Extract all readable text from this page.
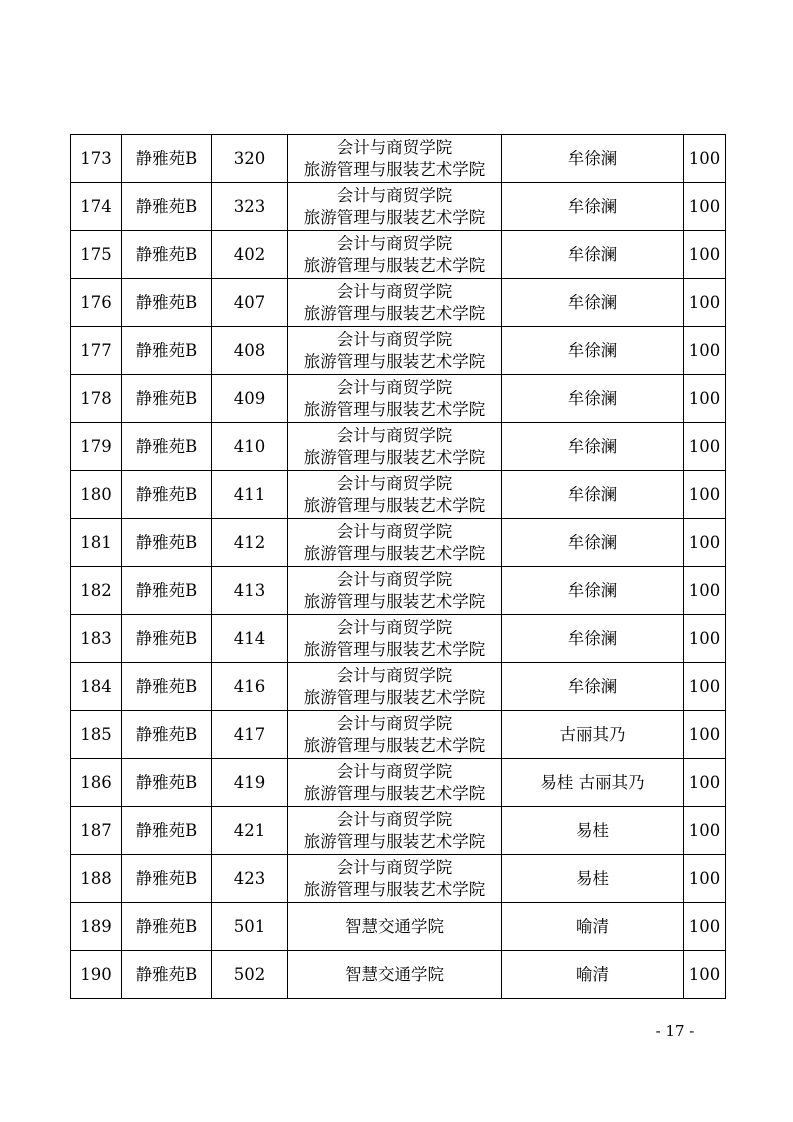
173	静雅苑B	320	会计与商贸学院
旅游管理与服装艺术学院	牟徐澜	100
174	静雅苑B	323	会计与商贸学院
旅游管理与服装艺术学院	牟徐澜	100
175	静雅苑B	402	会计与商贸学院
旅游管理与服装艺术学院	牟徐澜	100
176	静雅苑B	407	会计与商贸学院
旅游管理与服装艺术学院	牟徐澜	100
177	静雅苑B	408	会计与商贸学院
旅游管理与服装艺术学院	牟徐澜	100
178	静雅苑B	409	会计与商贸学院
旅游管理与服装艺术学院	牟徐澜	100
179	静雅苑B	410	会计与商贸学院
旅游管理与服装艺术学院	牟徐澜	100
180	静雅苑B	411	会计与商贸学院
旅游管理与服装艺术学院	牟徐澜	100
181	静雅苑B	412	会计与商贸学院
旅游管理与服装艺术学院	牟徐澜	100
182	静雅苑B	413	会计与商贸学院
旅游管理与服装艺术学院	牟徐澜	100
183	静雅苑B	414	会计与商贸学院
旅游管理与服装艺术学院	牟徐澜	100
184	静雅苑B	416	会计与商贸学院
旅游管理与服装艺术学院	牟徐澜	100
185	静雅苑B	417	会计与商贸学院
旅游管理与服装艺术学院	古丽其乃	100
186	静雅苑B	419	会计与商贸学院
旅游管理与服装艺术学院	易桂 古丽其乃	100
187	静雅苑B	421	会计与商贸学院
旅游管理与服装艺术学院	易桂	100
188	静雅苑B	423	会计与商贸学院
旅游管理与服装艺术学院	易桂	100
189	静雅苑B	501	智慧交通学院	喻清	100
190	静雅苑B	502	智慧交通学院	喻清	100
- 17 -
